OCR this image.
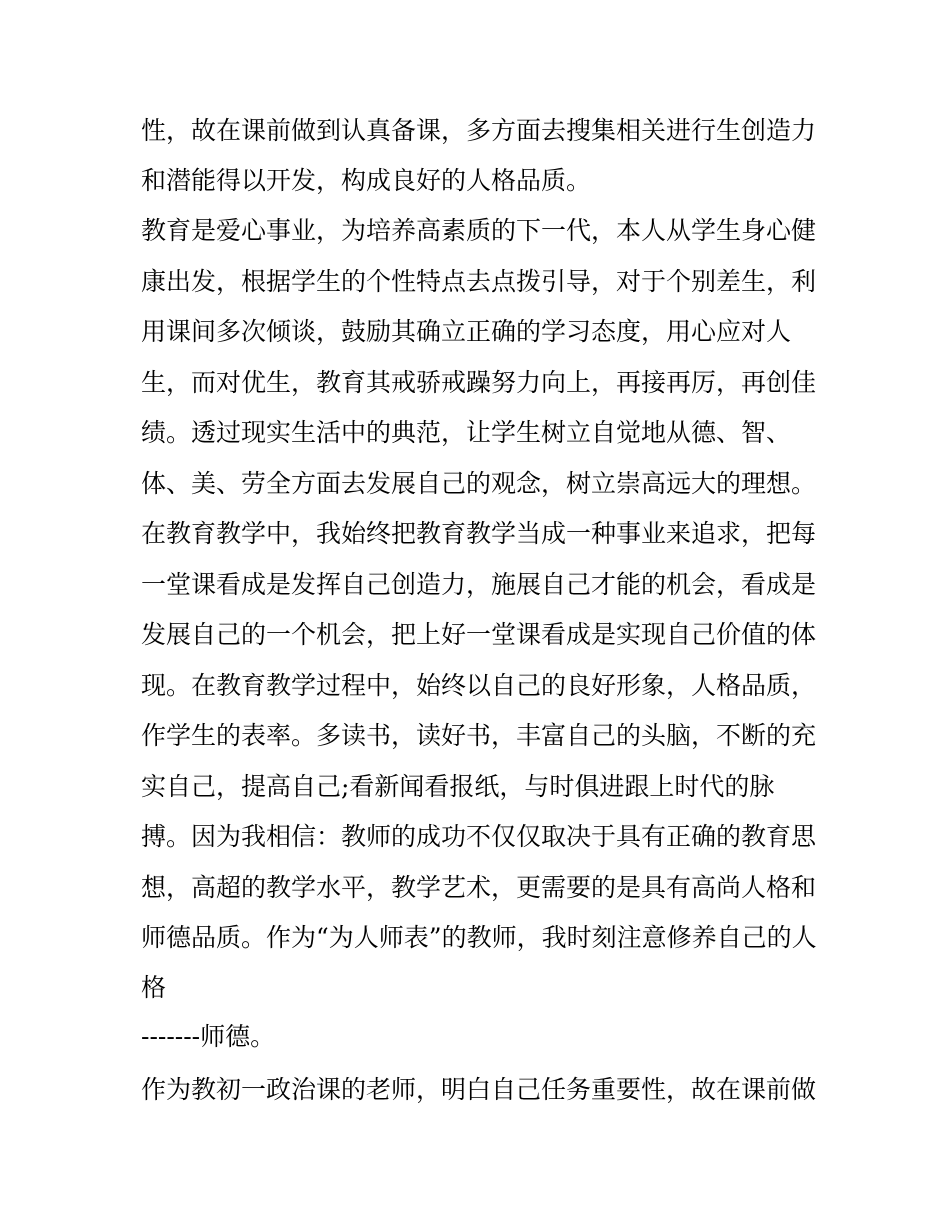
性，故在课前做到认真备课，多方面去搜集相关进行生创造力
和潜能得以开发，构成良好的人格品质。
教育是爱心事业，为培养高素质的下一代，本人从学生身心健
康出发，根据学生的个性特点去点拨引导，对于个别差生，利
用课间多次倾谈，鼓励其确立正确的学习态度，用心应对人
生，而对优生，教育其戒骄戒躁努力向上，再接再厉，再创佳
绩。透过现实生活中的典范，让学生树立自觉地从德、智、
体、美、劳全方面去发展自己的观念，树立崇高远大的理想。
在教育教学中，我始终把教育教学当成一种事业来追求，把每
一堂课看成是发挥自己创造力，施展自己才能的机会，看成是
发展自己的一个机会，把上好一堂课看成是实现自己价值的体
现。在教育教学过程中，始终以自己的良好形象，人格品质，
作学生的表率。多读书，读好书，丰富自己的头脑，不断的充
实自己，提高自己;看新闻看报纸，与时俱进跟上时代的脉
搏。因为我相信：教师的成功不仅仅取决于具有正确的教育思
想，高超的教学水平，教学艺术，更需要的是具有高尚人格和
师德品质。作为“为人师表”的教师，我时刻注意修养自己的人
格
-------师德。
作为教初一政治课的老师，明白自己任务重要性，故在课前做
